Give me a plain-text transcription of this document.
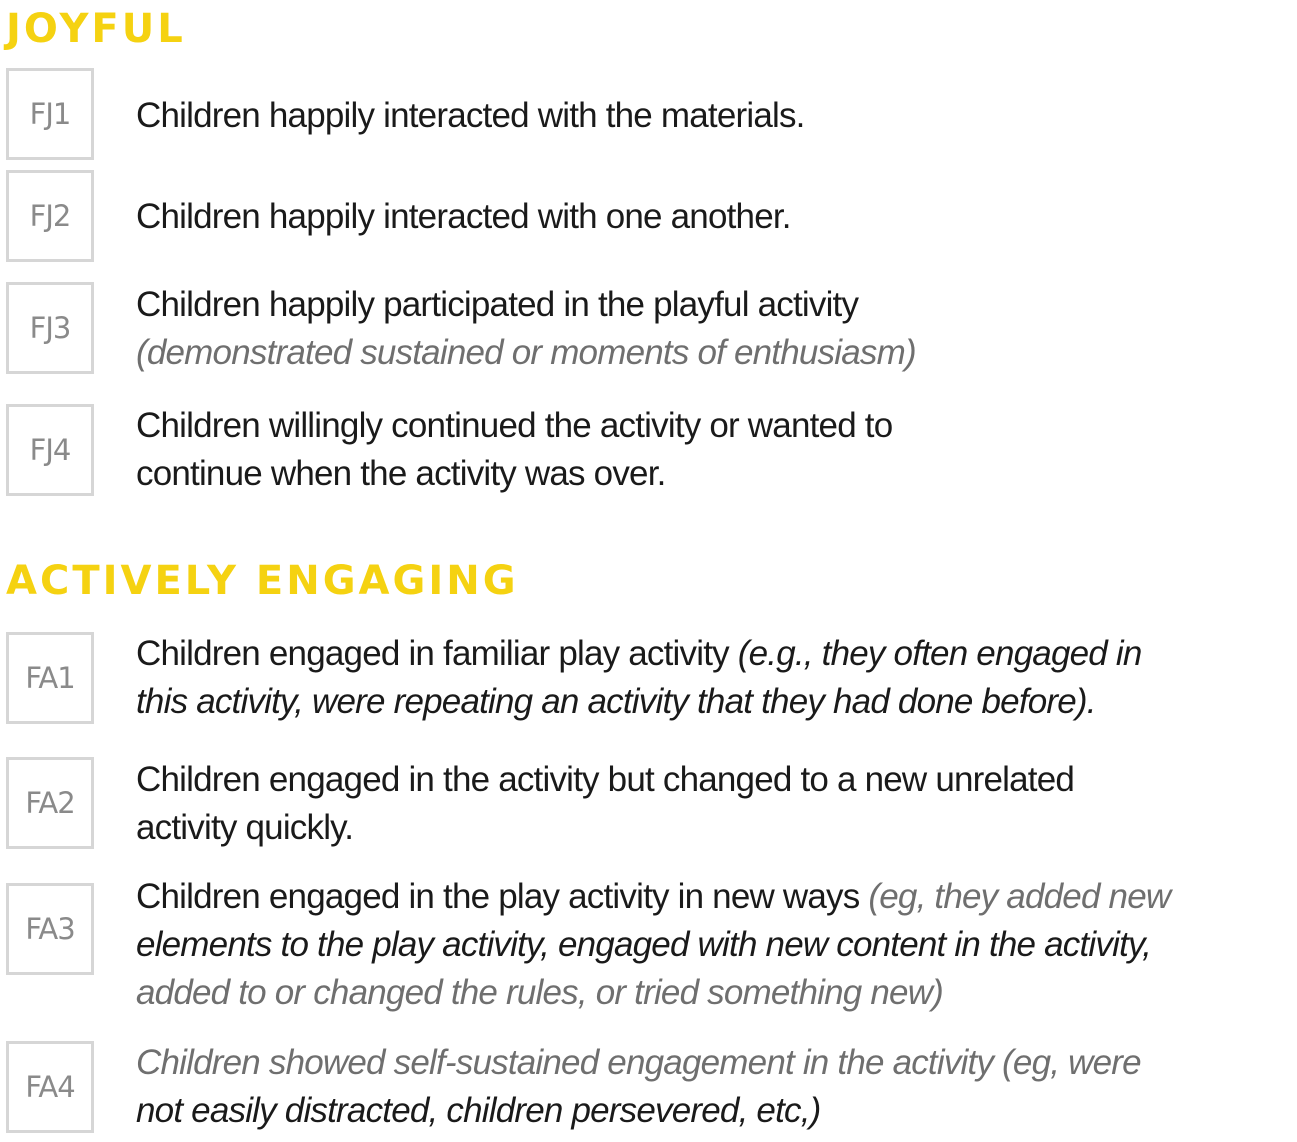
JOYFUL
FJ1	Children happily interacted with the materials.
FJ2	Children happily interacted with one another.
FJ3
Children happily participated in the playful activity
(demonstrated sustained or moments of enthusiasm)
FJ4
Children willingly continued the activity or wanted to
continue when the activity was over.
ACTIVELY ENGAGING
FA1
Children engaged in familiar play activity (e.g., they often engaged in
this activity, were repeating an activity that they had done before).
FA2
Children engaged in the activity but changed to a new unrelated
activity quickly.
FA3
Children engaged in the play activity in new ways (eg, they added new
elements to the play activity, engaged with new content in the activity,
added to or changed the rules, or tried something new)
FA4
Children showed self-sustained engagement in the activity (eg, were
not easily distracted, children persevered, etc,)
